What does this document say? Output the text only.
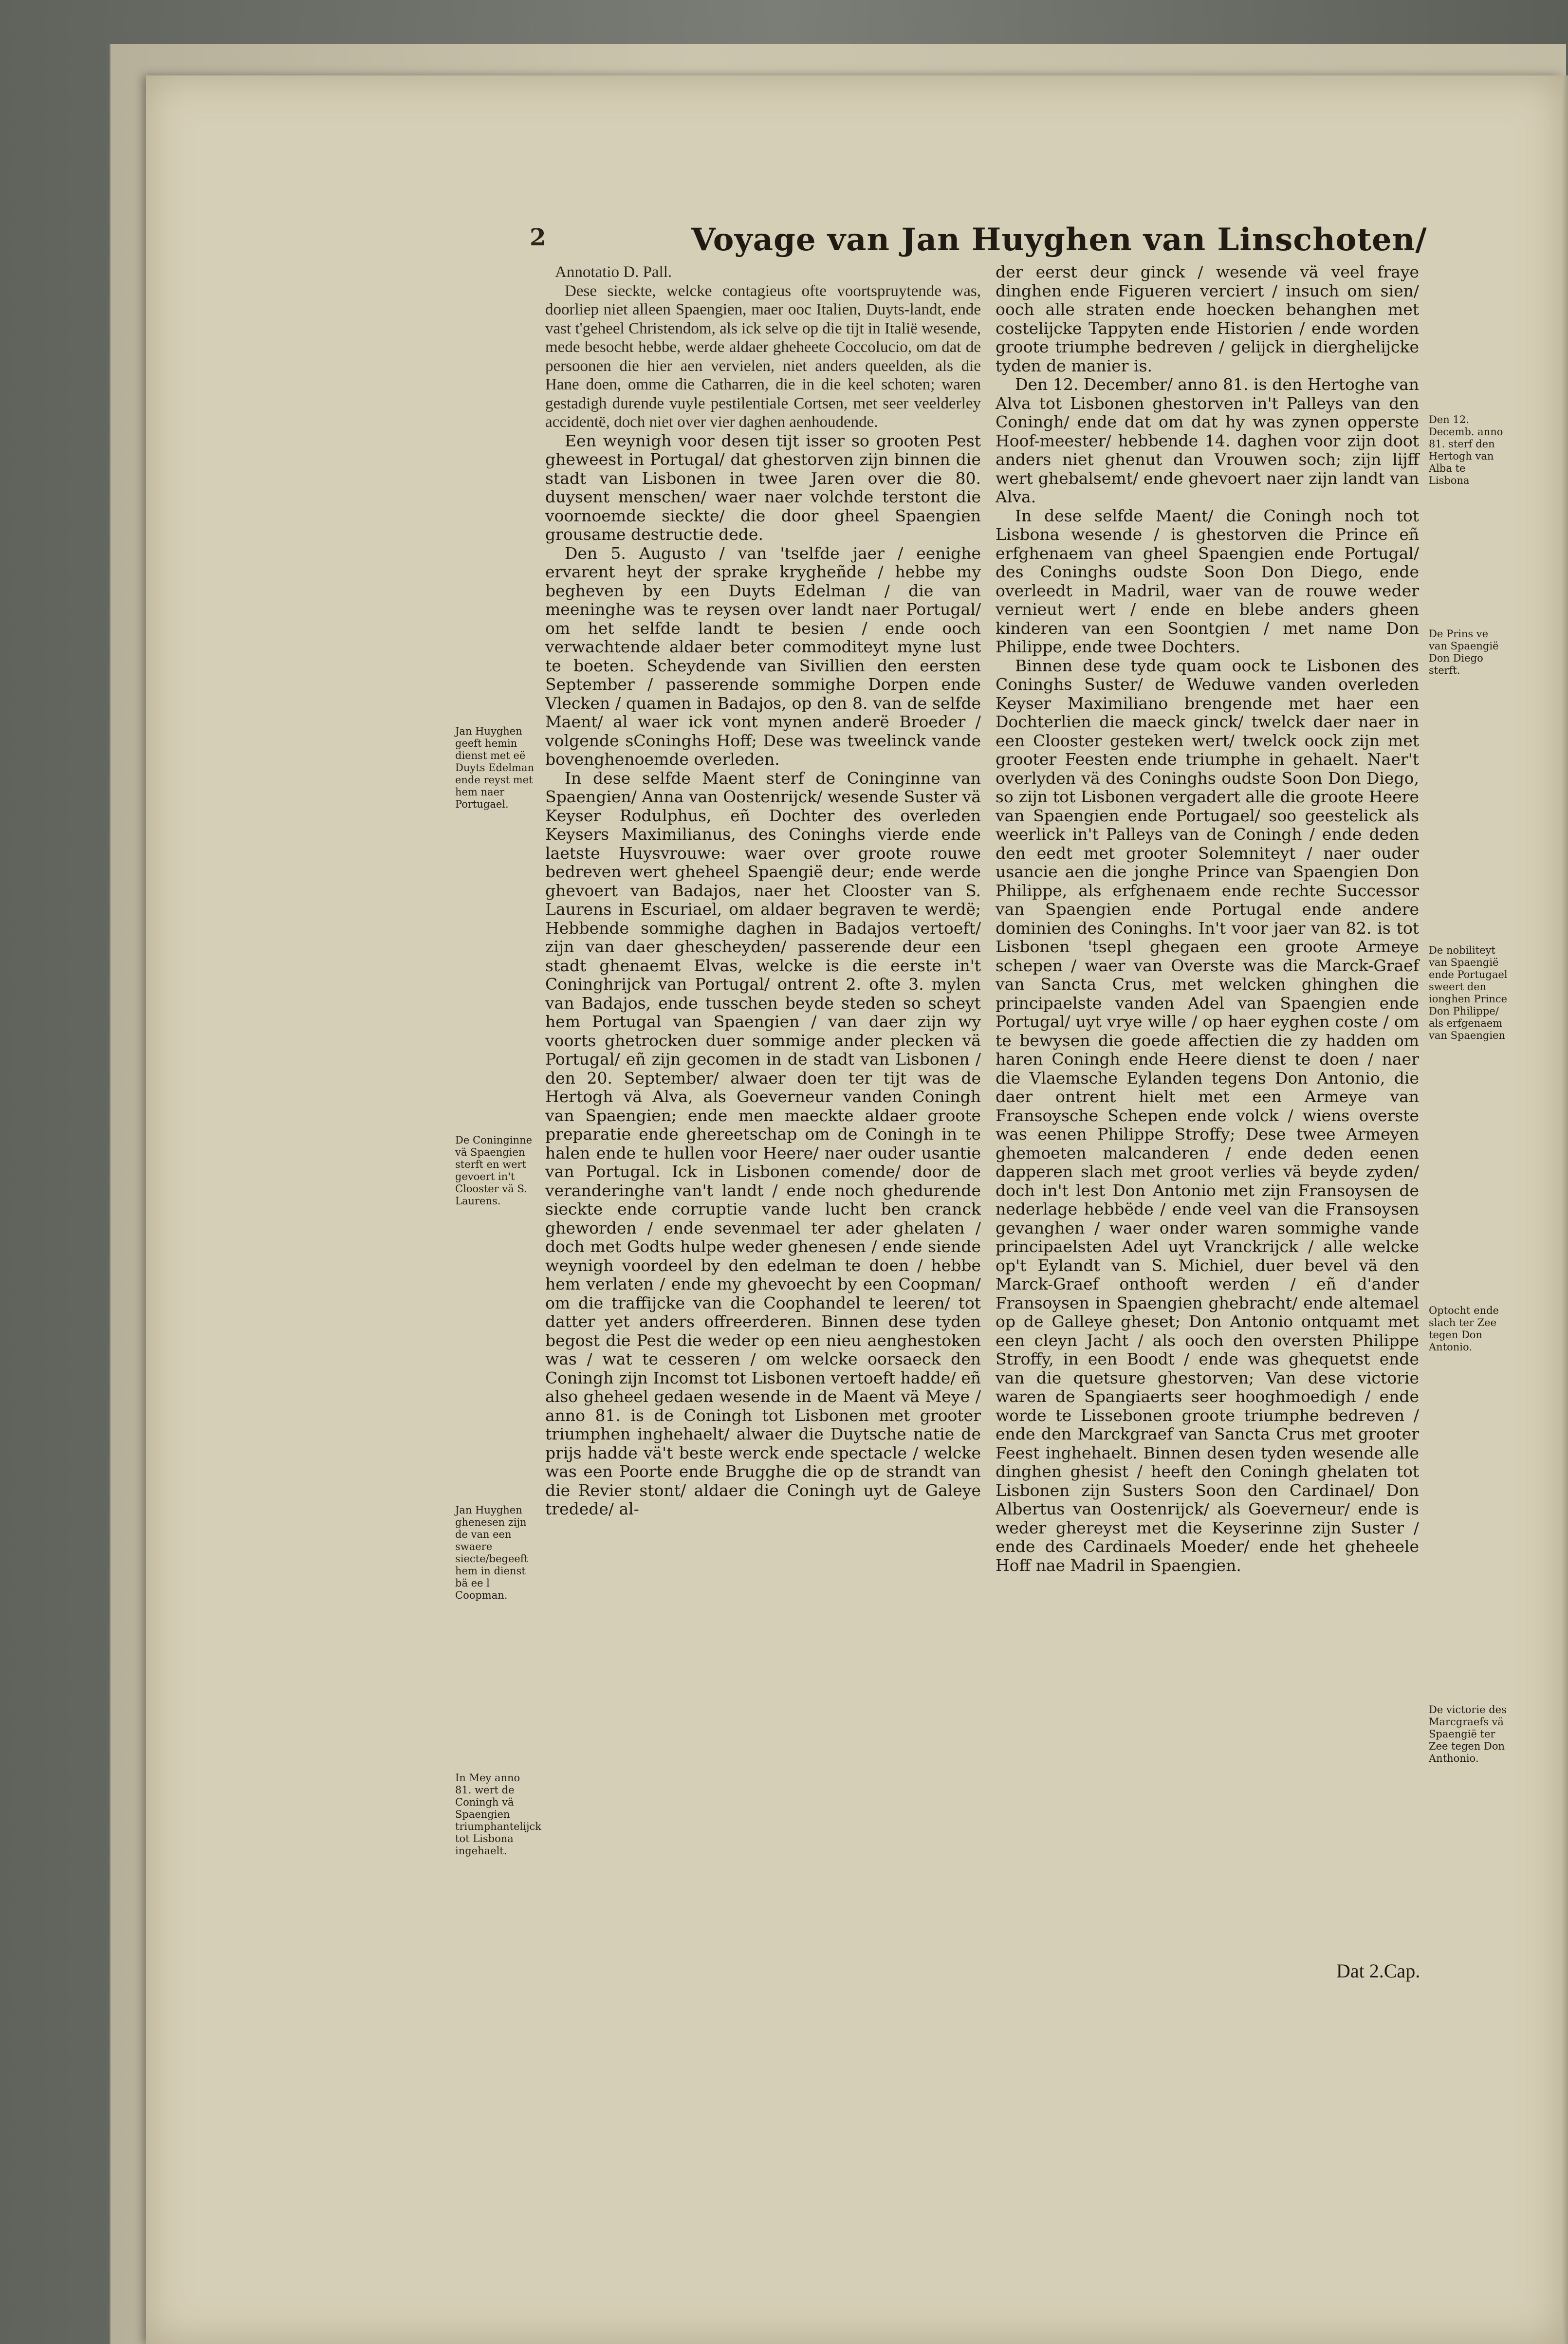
2	Voyage van Jan Huyghen van Linschoten/

Annotatio D. Pall.

Dese sieckte, welcke contagieus ofte voortspruytende was, doorliep niet alleen Spaengien, maer ooc Italien, Duyts-landt, ende vast t'geheel Christendom, als ick selve op die tijt in Italië wesende, mede besocht hebbe, werde aldaer gheheete Coccolucio, om dat de persoonen die hier aen vervielen, niet anders queelden, als die Hane doen, omme die Catharren, die in die keel schoten; waren gestadigh durende vuyle pestilentiale Cortsen, met seer veelderley accidentë, doch niet over vier daghen aenhoudende.

Een weynigh voor desen tijt isser so grooten Pest gheweest in Portugal/ dat ghestorven zijn binnen die stadt van Lisbonen in twee Jaren over die 80. duysent menschen/ waer naer volchde terstont die voornoemde sieckte/ die door gheel Spaengien grousame destructie dede.

Den 5. Augusto / van 'tselfde jaer / eenighe ervarent heyt der sprake krygheñde / hebbe my begheven by een Duyts Edelman / die van meeninghe was te reysen over landt naer Portugal/ om het selfde landt te besien / ende ooch verwachtende aldaer beter commoditeyt myne lust te boeten. Scheydende van Sivillien den eersten September / passerende sommighe Dorpen ende Vlecken / quamen in Badajos, op den 8. van de selfde Maent/ al waer ick vont mynen anderë Broeder / volgende sConinghs Hoff; Dese was tweelinck vande bovenghenoemde overleden.

In dese selfde Maent sterf de Coninginne van Spaengien/ Anna van Oostenrijck/ wesende Suster vä Keyser Rodulphus, eñ Dochter des overleden Keysers Maximilianus, des Coninghs vierde ende laetste Huysvrouwe: waer over groote rouwe bedreven wert gheheel Spaengië deur; ende werde ghevoert van Badajos, naer het Clooster van S. Laurens in Escuriael, om aldaer begraven te werdë; Hebbende sommighe daghen in Badajos vertoeft/ zijn van daer ghescheyden/ passerende deur een stadt ghenaemt Elvas, welcke is die eerste in't Coninghrijck van Portugal/ ontrent 2. ofte 3. mylen van Badajos, ende tusschen beyde steden so scheyt hem Portugal van Spaengien / van daer zijn wy voorts ghetrocken duer sommige ander plecken vä Portugal/ eñ zijn gecomen in de stadt van Lisbonen / den 20. September/ alwaer doen ter tijt was de Hertogh vä Alva, als Goeverneur vanden Coningh van Spaengien; ende men maeckte aldaer groote preparatie ende ghereetschap om de Coningh in te halen ende te hullen voor Heere/ naer ouder usantie van Portugal. Ick in Lisbonen comende/ door de veranderinghe van't landt / ende noch ghedurende sieckte ende corruptie vande lucht ben cranck gheworden / ende sevenmael ter ader ghelaten / doch met Godts hulpe weder ghenesen / ende siende weynigh voordeel by den edelman te doen / hebbe hem verlaten / ende my ghevoecht by een Coopman/ om die traffijcke van die Coophandel te leeren/ tot datter yet anders offreerderen. Binnen dese tyden begost die Pest die weder op een nieu aenghestoken was / wat te cesseren / om welcke oorsaeck den Coningh zijn Incomst tot Lisbonen vertoeft hadde/ eñ also gheheel gedaen wesende in de Maent vä Meye / anno 81. is de Coningh tot Lisbonen met grooter triumphen inghehaelt/ alwaer die Duytsche natie de prijs hadde vä't beste werck ende spectacle / welcke was een Poorte ende Brugghe die op de strandt van die Revier stont/ aldaer die Coningh uyt de Galeye tredede/ al-

der eerst deur ginck / wesende vä veel fraye dinghen ende Figueren verciert / insuch om sien/ ooch alle straten ende hoecken behanghen met costelijcke Tappyten ende Historien / ende worden groote triumphe bedreven / gelijck in dierghelijcke tyden de manier is.

Den 12. December/ anno 81. is den Hertoghe van Alva tot Lisbonen ghestorven in't Palleys van den Coningh/ ende dat om dat hy was zynen opperste Hoof-meester/ hebbende 14. daghen voor zijn doot anders niet ghenut dan Vrouwen soch; zijn lijff wert ghebalsemt/ ende ghevoert naer zijn landt van Alva.

In dese selfde Maent/ die Coningh noch tot Lisbona wesende / is ghestorven die Prince eñ erfghenaem van gheel Spaengien ende Portugal/ des Coninghs oudste Soon Don Diego, ende overleedt in Madril, waer van de rouwe weder vernieut wert / ende en blebe anders gheen kinderen van een Soontgien / met name Don Philippe, ende twee Dochters.

Binnen dese tyde quam oock te Lisbonen des Coninghs Suster/ de Weduwe vanden overleden Keyser Maximiliano brengende met haer een Dochterlien die maeck ginck/ twelck daer naer in een Clooster gesteken wert/ twelck oock zijn met grooter Feesten ende triumphe in gehaelt. Naer't overlyden vä des Coninghs oudste Soon Don Diego, so zijn tot Lisbonen vergadert alle die groote Heere van Spaengien ende Portugael/ soo geestelick als weerlick in't Palleys van de Coningh / ende deden den eedt met grooter Solemniteyt / naer ouder usancie aen die jonghe Prince van Spaengien Don Philippe, als erfghenaem ende rechte Successor van Spaengien ende Portugal ende andere dominien des Coninghs. In't voor jaer van 82. is tot Lisbonen 'tsepl ghegaen een groote Armeye schepen / waer van Overste was die Marck-Graef van Sancta Crus, met welcken ghinghen die principaelste vanden Adel van Spaengien ende Portugal/ uyt vrye wille / op haer eyghen coste / om te bewysen die goede affectien die zy hadden om haren Coningh ende Heere dienst te doen / naer die Vlaemsche Eylanden tegens Don Antonio, die daer ontrent hielt met een Armeye van Fransoysche Schepen ende volck / wiens overste was eenen Philippe Stroffy; Dese twee Armeyen ghemoeten malcanderen / ende deden eenen dapperen slach met groot verlies vä beyde zyden/ doch in't lest Don Antonio met zijn Fransoysen de nederlage hebbëde / ende veel van die Fransoysen gevanghen / waer onder waren sommighe vande principaelsten Adel uyt Vranckrijck / alle welcke op't Eylandt van S. Michiel, duer bevel vä den Marck-Graef onthooft werden / eñ d'ander Fransoysen in Spaengien ghebracht/ ende altemael op de Galleye gheset; Don Antonio ontquamt met een cleyn Jacht / als ooch den oversten Philippe Stroffy, in een Boodt / ende was ghequetst ende van die quetsure ghestorven; Van dese victorie waren de Spangiaerts seer hooghmoedigh / ende worde te Lissebonen groote triumphe bedreven / ende den Marckgraef van Sancta Crus met grooter Feest inghehaelt. Binnen desen tyden wesende alle dinghen ghesist / heeft den Coningh ghelaten tot Lisbonen zijn Susters Soon den Cardinael/ Don Albertus van Oostenrijck/ als Goeverneur/ ende is weder ghereyst met die Keyserinne zijn Suster / ende des Cardinaels Moeder/ ende het gheheele Hoff nae Madril in Spaengien.

Jan Huyghen geeft hemin dienst met eë Duyts Edelman ende reyst met hem naer Portugael.
De Coninginne vä Spaengien sterft en wert gevoert in't Clooster vä S. Laurens.
Jan Huyghen ghenesen zijn de van een swaere siecte/begeeft hem in dienst bä ee l Coopman.
In Mey anno 81. wert de Coningh vä Spaengien triumphantelijck tot Lisbona ingehaelt.
Den 12. Decemb. anno 81. sterf den Hertogh van Alba te Lisbona
De Prins ve van Spaengië Don Diego sterft.
De nobiliteyt van Spaengië ende Portugael sweert den ionghen Prince Don Philippe/ als erfgenaem van Spaengien
Optocht ende slach ter Zee tegen Don Antonio.
De victorie des Marcgraefs vä Spaengië ter Zee tegen Don Anthonio.
Dat 2.Cap.
